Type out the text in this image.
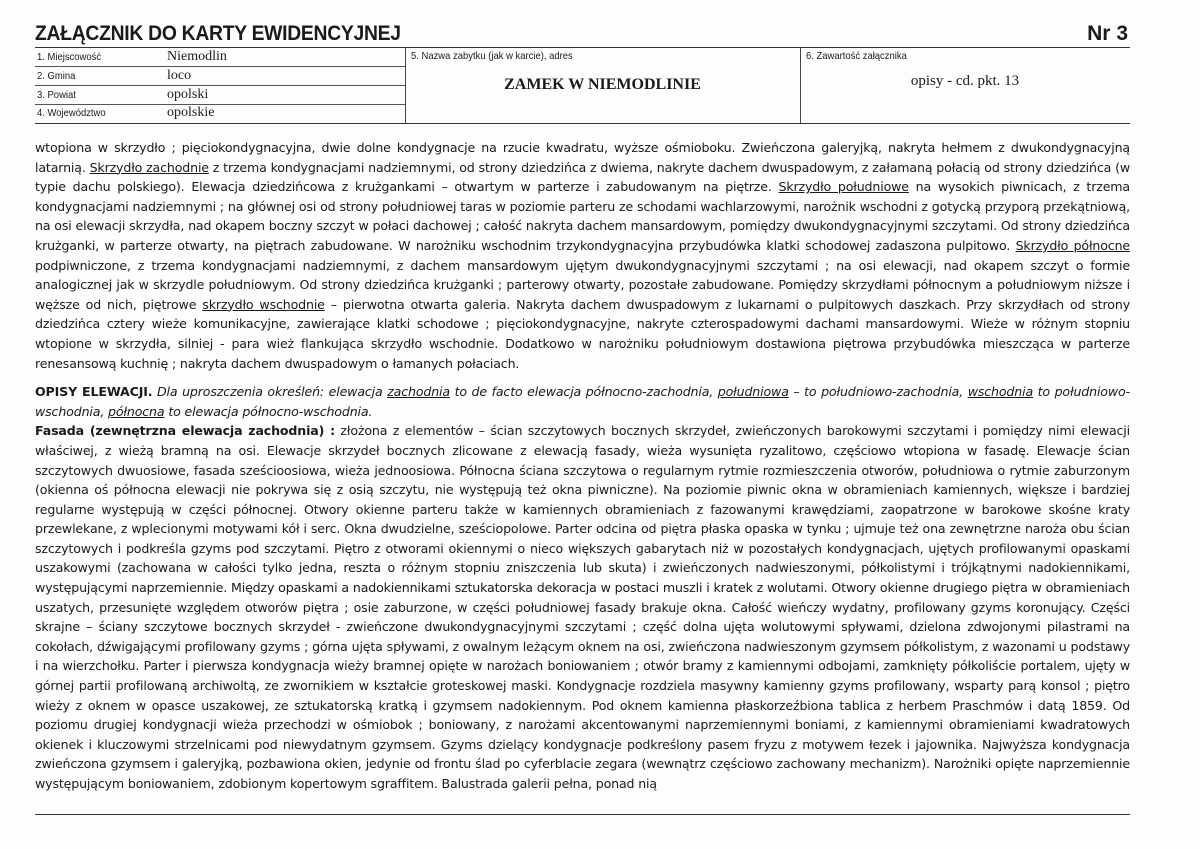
ZAŁĄCZNIK DO KARTY EWIDENCYJNEJ	Nr 3
1. Miejscowość	Niemodlin
2. Gmina	loco
3. Powiat	opolski
4. Województwo	opolskie
5. Nazwa zabytku (jak w karcie), adres
ZAMEK W NIEMODLINIE
6. Zawartość załącznika
opisy - cd. pkt. 13

wtopiona w skrzydło ; pięciokondygnacyjna, dwie dolne kondygnacje na rzucie kwadratu, wyższe ośmioboku. Zwieńczona galeryjką, nakryta hełmem z dwukondygnacyjną latarnią. Skrzydło zachodnie z trzema kondygnacjami nadziemnymi, od strony dziedzińca z dwiema, nakryte dachem dwuspadowym, z załamaną połacią od strony dziedzińca (w typie dachu polskiego). Elewacja dziedzińcowa z krużgankami – otwartym w parterze i zabudowanym na piętrze. Skrzydło południowe na wysokich piwnicach, z trzema kondygnacjami nadziemnymi ; na głównej osi od strony południowej taras w poziomie parteru ze schodami wachlarzowymi, narożnik wschodni z gotycką przyporą przekątniową, na osi elewacji skrzydła, nad okapem boczny szczyt w połaci dachowej ; całość nakryta dachem mansardowym, pomiędzy dwukondygnacyjnymi szczytami. Od strony dziedzińca krużganki, w parterze otwarty, na piętrach zabudowane. W narożniku wschodnim trzykondygnacyjna przybudówka klatki schodowej zadaszona pulpitowo. Skrzydło północne podpiwniczone, z trzema kondygnacjami nadziemnymi, z dachem mansardowym ujętym dwukondygnacyjnymi szczytami ; na osi elewacji, nad okapem szczyt o formie analogicznej jak w skrzydle południowym. Od strony dziedzińca krużganki ; parterowy otwarty, pozostałe zabudowane. Pomiędzy skrzydłami północnym a południowym niższe i węższe od nich, piętrowe skrzydło wschodnie – pierwotna otwarta galeria. Nakryta dachem dwuspadowym z lukarnami o pulpitowych daszkach. Przy skrzydłach od strony dziedzińca cztery wieże komunikacyjne, zawierające klatki schodowe ; pięciokondygnacyjne, nakryte czterospadowymi dachami mansardowymi. Wieże w różnym stopniu wtopione w skrzydła, silniej - para wież flankująca skrzydło wschodnie. Dodatkowo w narożniku południowym dostawiona piętrowa przybudówka mieszcząca w parterze renesansową kuchnię ; nakryta dachem dwuspadowym o łamanych połaciach.

OPISY ELEWACJI. Dla uproszczenia określeń: elewacja zachodnia to de facto elewacja północno-zachodnia, południowa – to południowo-zachodnia, wschodnia to południowo-wschodnia, północna to elewacja północno-wschodnia.

Fasada (zewnętrzna elewacja zachodnia) : złożona z elementów – ścian szczytowych bocznych skrzydeł, zwieńczonych barokowymi szczytami i pomiędzy nimi elewacji właściwej, z wieżą bramną na osi. Elewacje skrzydeł bocznych zlicowane z elewacją fasady, wieża wysunięta ryzalitowo, częściowo wtopiona w fasadę. Elewacje ścian szczytowych dwuosiowe, fasada sześcioosiowa, wieża jednoosiowa. Północna ściana szczytowa o regularnym rytmie rozmieszczenia otworów, południowa o rytmie zaburzonym (okienna oś północna elewacji nie pokrywa się z osią szczytu, nie występują też okna piwniczne). Na poziomie piwnic okna w obramieniach kamiennych, większe i bardziej regularne występują w części północnej. Otwory okienne parteru także w kamiennych obramieniach z fazowanymi krawędziami, zaopatrzone w barokowe skośne kraty przewlekane, z wplecionymi motywami kół i serc. Okna dwudzielne, sześciopolowe. Parter odcina od piętra płaska opaska w tynku ; ujmuje też ona zewnętrzne naroża obu ścian szczytowych i podkreśla gzyms pod szczytami. Piętro z otworami okiennymi o nieco większych gabarytach niż w pozostałych kondygnacjach, ujętych profilowanymi opaskami uszakowymi (zachowana w całości tylko jedna, reszta o różnym stopniu zniszczenia lub skuta) i zwieńczonych nadwieszonymi, półkolistymi i trójkątnymi nadokiennikami, występującymi naprzemiennie. Między opaskami a nadokiennikami sztukatorska dekoracja w postaci muszli i kratek z wolutami. Otwory okienne drugiego piętra w obramieniach uszatych, przesunięte względem otworów piętra ; osie zaburzone, w części południowej fasady brakuje okna. Całość wieńczy wydatny, profilowany gzyms koronujący. Części skrajne – ściany szczytowe bocznych skrzydeł - zwieńczone dwukondygnacyjnymi szczytami ; część dolna ujęta wolutowymi spływami, dzielona zdwojonymi pilastrami na cokołach, dźwigającymi profilowany gzyms ; górna ujęta spływami, z owalnym leżącym oknem na osi, zwieńczona nadwieszonym gzymsem półkolistym, z wazonami u podstawy i na wierzchołku. Parter i pierwsza kondygnacja wieży bramnej opięte w narożach boniowaniem ; otwór bramy z kamiennymi odbojami, zamknięty półkoliście portalem, ujęty w górnej partii profilowaną archiwoltą, ze zwornikiem w kształcie groteskowej maski. Kondygnacje rozdziela masywny kamienny gzyms profilowany, wsparty parą konsol ; piętro wieży z oknem w opasce uszakowej, ze sztukatorską kratką i gzymsem nadokiennym. Pod oknem kamienna płaskorzeźbiona tablica z herbem Praschmów i datą 1859. Od poziomu drugiej kondygnacji wieża przechodzi w ośmiobok ; boniowany, z narożami akcentowanymi naprzemiennymi boniami, z kamiennymi obramieniami kwadratowych okienek i kluczowymi strzelnicami pod niewydatnym gzymsem. Gzyms dzielący kondygnacje podkreślony pasem fryzu z motywem łezek i jajownika. Najwyższa kondygnacja zwieńczona gzymsem i galeryjką, pozbawiona okien, jedynie od frontu ślad po cyferblacie zegara (wewnątrz częściowo zachowany mechanizm). Narożniki opięte naprzemiennie występującym boniowaniem, zdobionym kopertowym sgraffitem. Balustrada galerii pełna, ponad nią
